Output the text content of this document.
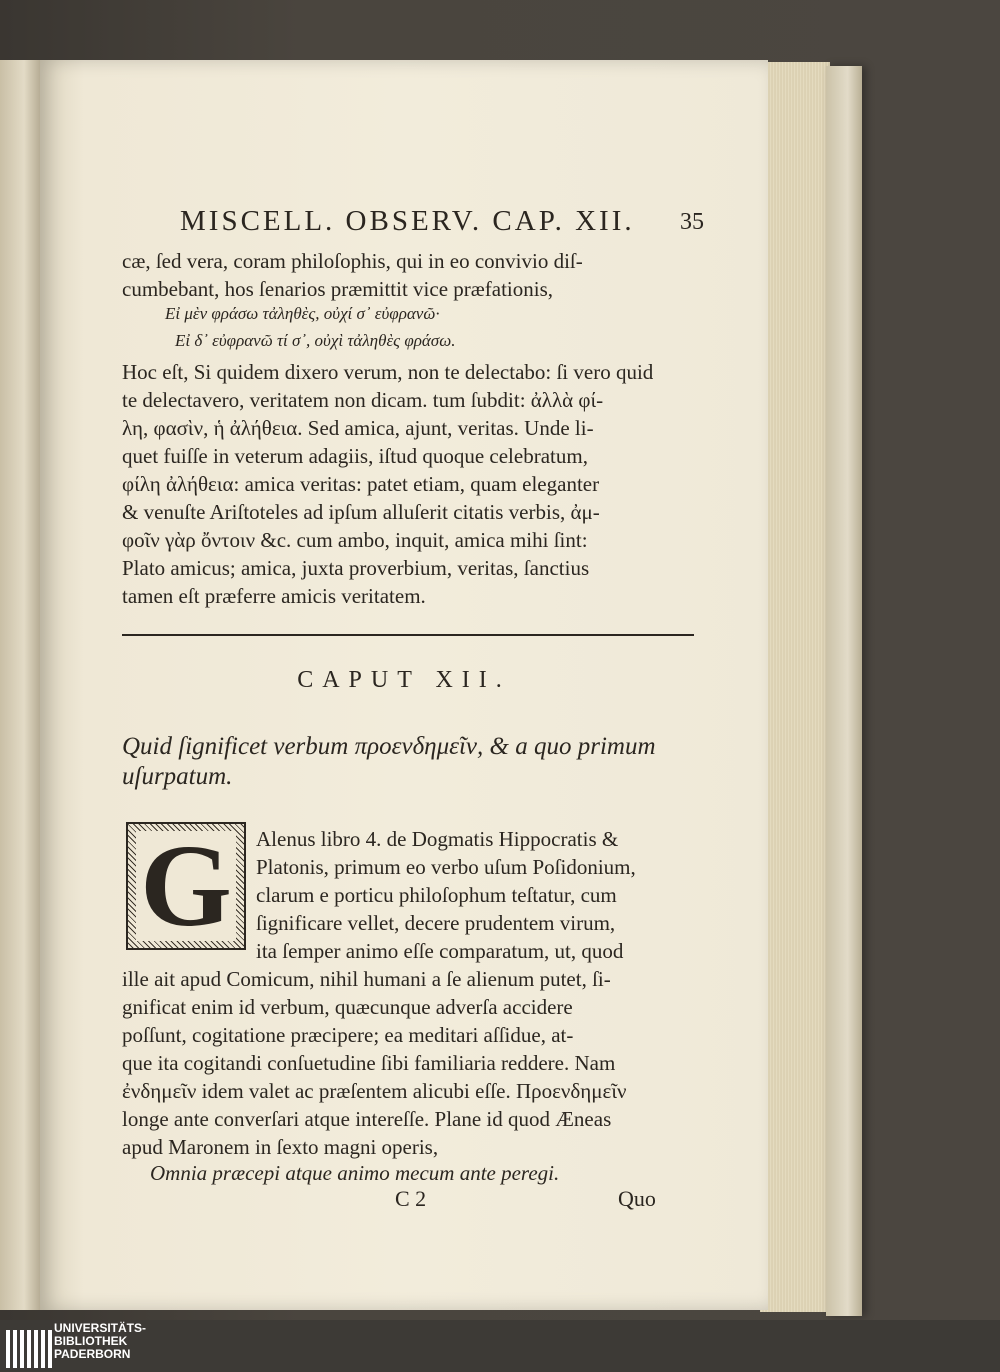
MISCELL. OBSERV. CAP. XII. 35
cæ, ſed vera, coram philoſophis, qui in eo convivio diſ-
cumbebant, hos ſenarios præmittit vice præfationis,
Εἰ μὲν φράσω τἀληθὲς, οὐχί σ᾽ εὐφρανῶ·
Εἰ δ᾽ εὐφρανῶ τί σ᾽, οὐχὶ τἀληθὲς φράσω.
Hoc eſt, Si quidem dixero verum, non te delectabo: ſi vero quid
te delectavero, veritatem non dicam. tum ſubdit: ἀλλὰ φί-
λη, φασὶν, ἡ ἀλήθεια. Sed amica, ajunt, veritas. Unde li-
quet fuiſſe in veterum adagiis, iſtud quoque celebratum,
φίλη ἀλήθεια: amica veritas: patet etiam, quam eleganter
& venuſte Ariſtoteles ad ipſum alluſerit citatis verbis, ἀμ-
φοῖν γὰρ ὄντοιν &c. cum ambo, inquit, amica mihi ſint:
Plato amicus; amica, juxta proverbium, veritas, ſanctius
tamen eſt præferre amicis veritatem.
CAPUT XII.
Quid ſignificet verbum προενδημεῖν, & a quo primum
uſurpatum.
G Alenus libro 4. de Dogmatis Hippocratis &
Platonis, primum eo verbo uſum Poſidonium,
clarum e porticu philoſophum teſtatur, cum
ſignificare vellet, decere prudentem virum,
ita ſemper animo eſſe comparatum, ut, quod
ille ait apud Comicum, nihil humani a ſe alienum putet, ſi-
gnificat enim id verbum, quæcunque adverſa accidere
poſſunt, cogitatione præcipere; ea meditari aſſidue, at-
que ita cogitandi conſuetudine ſibi familiaria reddere. Nam
ἐνδημεῖν idem valet ac præſentem alicubi eſſe. Προενδημεῖν
longe ante converſari atque intereſſe. Plane id quod Æneas
apud Maronem in ſexto magni operis,
Omnia præcepi atque animo mecum ante peregi.
C 2	Quo
UNIVERSITÄTS-
BIBLIOTHEK
PADERBORN
